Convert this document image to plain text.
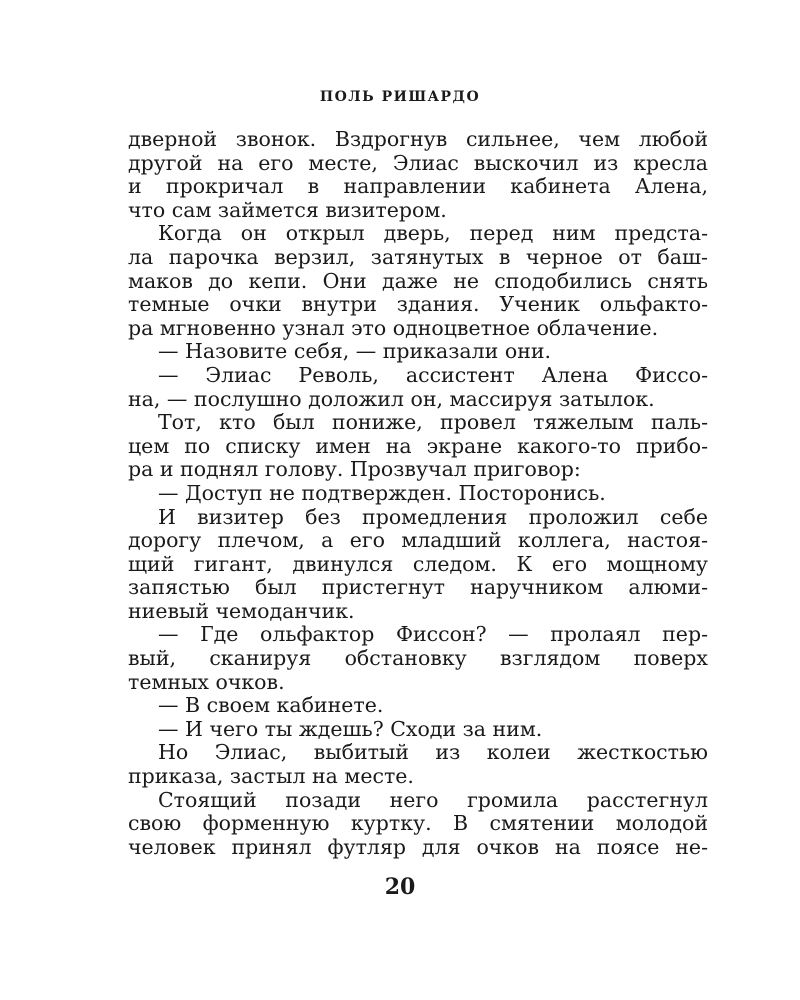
ПОЛЬ РИШАРДО
дверной звонок. Вздрогнув сильнее, чем любой
другой на его месте, Элиас выскочил из кресла
и прокричал в направлении кабинета Алена,
что сам займется визитером.
Когда он открыл дверь, перед ним предста-
ла парочка верзил, затянутых в черное от баш-
маков до кепи. Они даже не сподобились снять
темные очки внутри здания. Ученик ольфакто-
ра мгновенно узнал это одноцветное облачение.
— Назовите себя, — приказали они.
— Элиас Револь, ассистент Алена Фиссо-
на, — послушно доложил он, массируя затылок.
Тот, кто был пониже, провел тяжелым паль-
цем по списку имен на экране какого-то прибо-
ра и поднял голову. Прозвучал приговор:
— Доступ не подтвержден. Посторонись.
И визитер без промедления проложил себе
дорогу плечом, а его младший коллега, настоя-
щий гигант, двинулся следом. К его мощному
запястью был пристегнут наручником алюми-
ниевый чемоданчик.
— Где ольфактор Фиссон? — пролаял пер-
вый, сканируя обстановку взглядом поверх
темных очков.
— В своем кабинете.
— И чего ты ждешь? Сходи за ним.
Но Элиас, выбитый из колеи жесткостью
приказа, застыл на месте.
Стоящий позади него громила расстегнул
свою форменную куртку. В смятении молодой
человек принял футляр для очков на поясе не-
20
